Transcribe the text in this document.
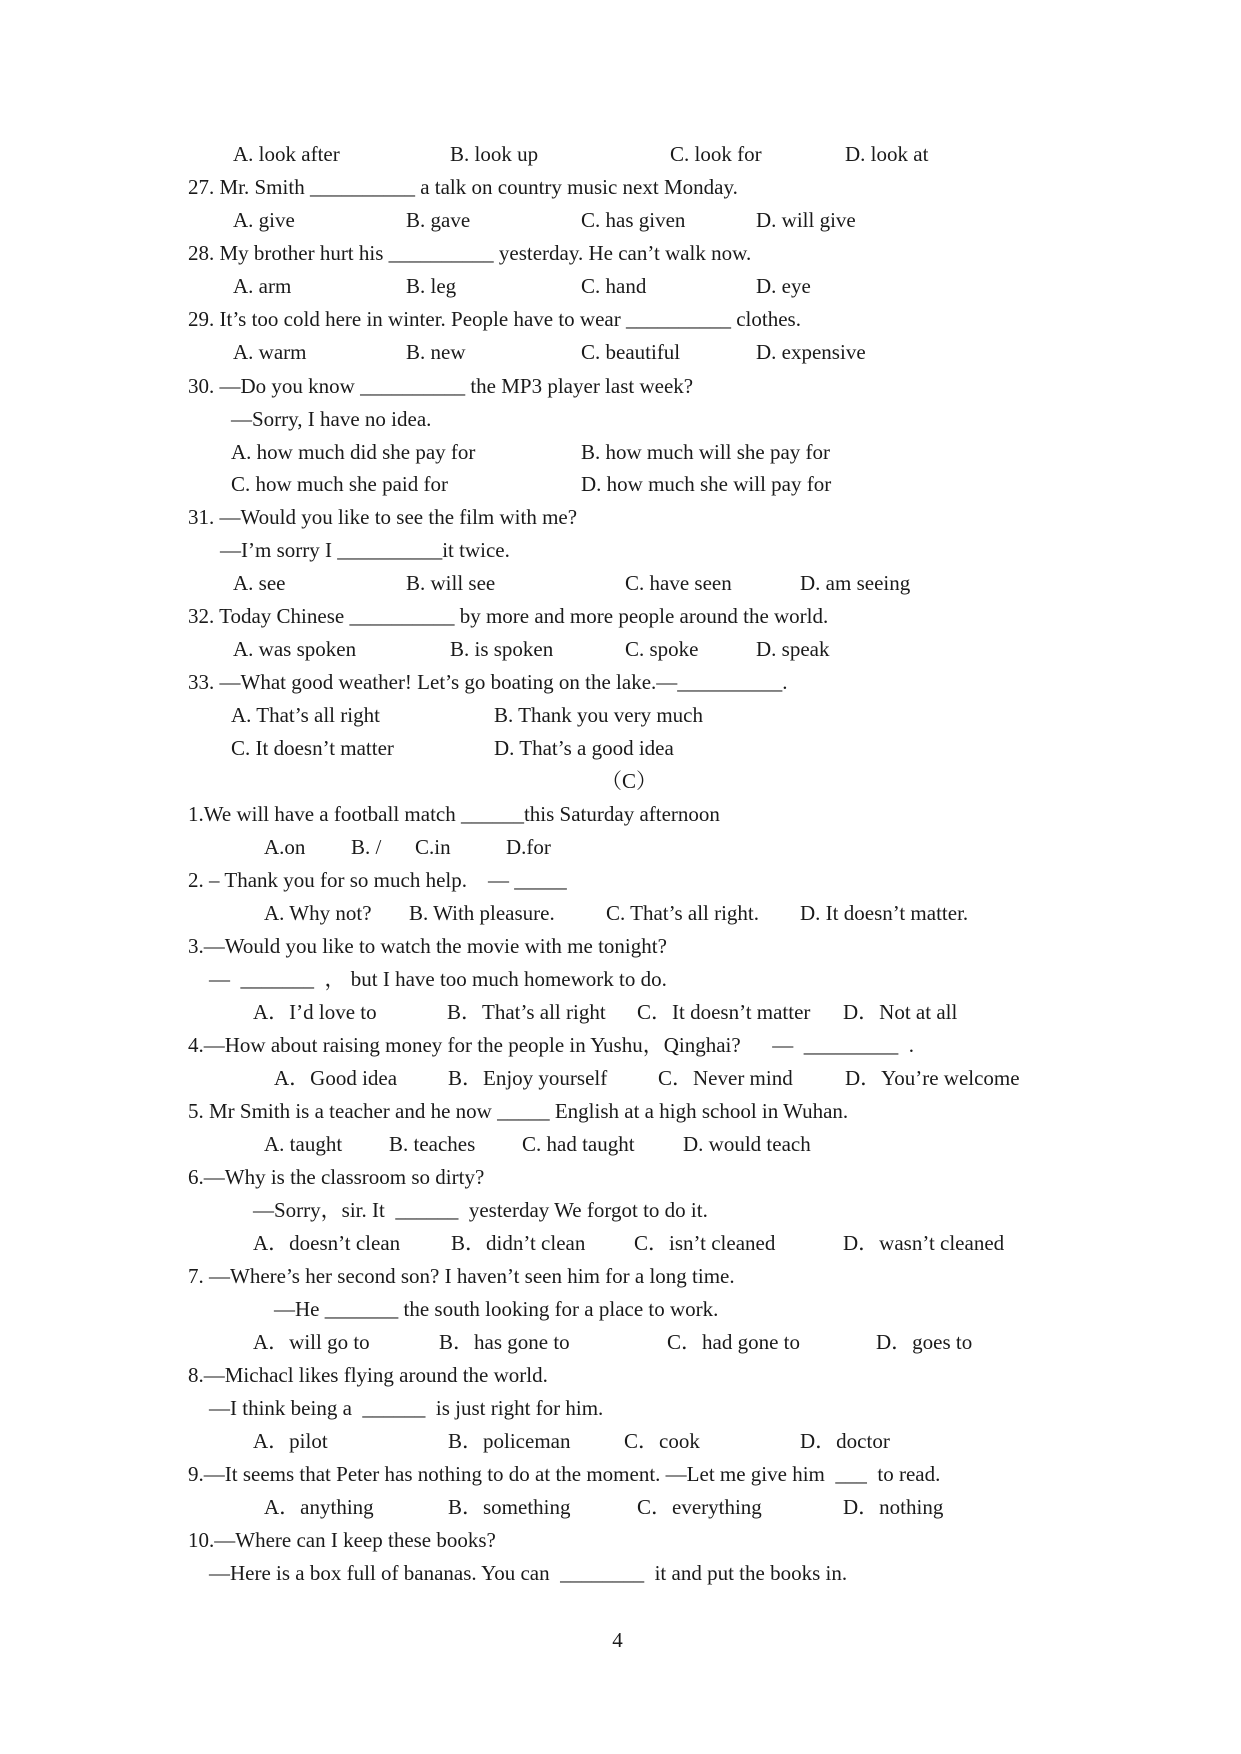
A. look after	B. look up	C. look for	D. look at
27. Mr. Smith __________ a talk on country music next Monday.
A. give	B. gave	C. has given	D. will give
28. My brother hurt his __________ yesterday. He can’t walk now.
A. arm	B. leg	C. hand	D. eye
29. It’s too cold here in winter. People have to wear __________ clothes.
A. warm	B. new	C. beautiful	D. expensive
30. —Do you know __________ the MP3 player last week?
—Sorry, I have no idea.
A. how much did she pay for	B. how much will she pay for
C. how much she paid for	D. how much she will pay for
31. —Would you like to see the film with me?
—I’m sorry I __________it twice.
A. see	B. will see	C. have seen	D. am seeing
32. Today Chinese __________ by more and more people around the world.
A. was spoken	B. is spoken	C. spoke	D. speak
33. —What good weather! Let’s go boating on the lake.—__________.
A. That’s all right	B. Thank you very much
C. It doesn’t matter	D. That’s a good idea
（C）
1.We will have a football match ______this Saturday afternoon
A.on B. / C.in	D.for
2. – Thank you for so much help.    — _____
A. Why not? B. With pleasure. C. That’s all right. D. It doesn’t matter.
3.—Would you like to watch the movie with me tonight?
—  _______  ， but I have too much homework to do.
A．I’d love to	B．That’s all right C．It doesn’t matter D．Not at all
4.—How about raising money for the people in Yushu，Qinghai?      —  _________  .
A．Good idea B．Enjoy yourself C．Never mind D．You’re welcome
5. Mr Smith is a teacher and he now _____ English at a high school in Wuhan.
A. taught B. teaches C. had taught D. would teach
6.—Why is the classroom so dirty?
—Sorry，sir. It  ______  yesterday We forgot to do it.
A．doesn’t clean B．didn’t clean C．isn’t cleaned	D．wasn’t cleaned
7. —Where’s her second son? I haven’t seen him for a long time.
—He _______ the south looking for a place to work.
A．will go to	B．has gone to	C．had gone to	D．goes to
8.—Michacl likes flying around the world.
—I think being a  ______  is just right for him.
A．pilot	B．policeman	C．cook	D．doctor
9.—It seems that Peter has nothing to do at the moment. —Let me give him  ___  to read.
A．anything	B．something	C．everything	D．nothing
10.—Where can I keep these books?
—Here is a box full of bananas. You can  ________  it and put the books in.
4
